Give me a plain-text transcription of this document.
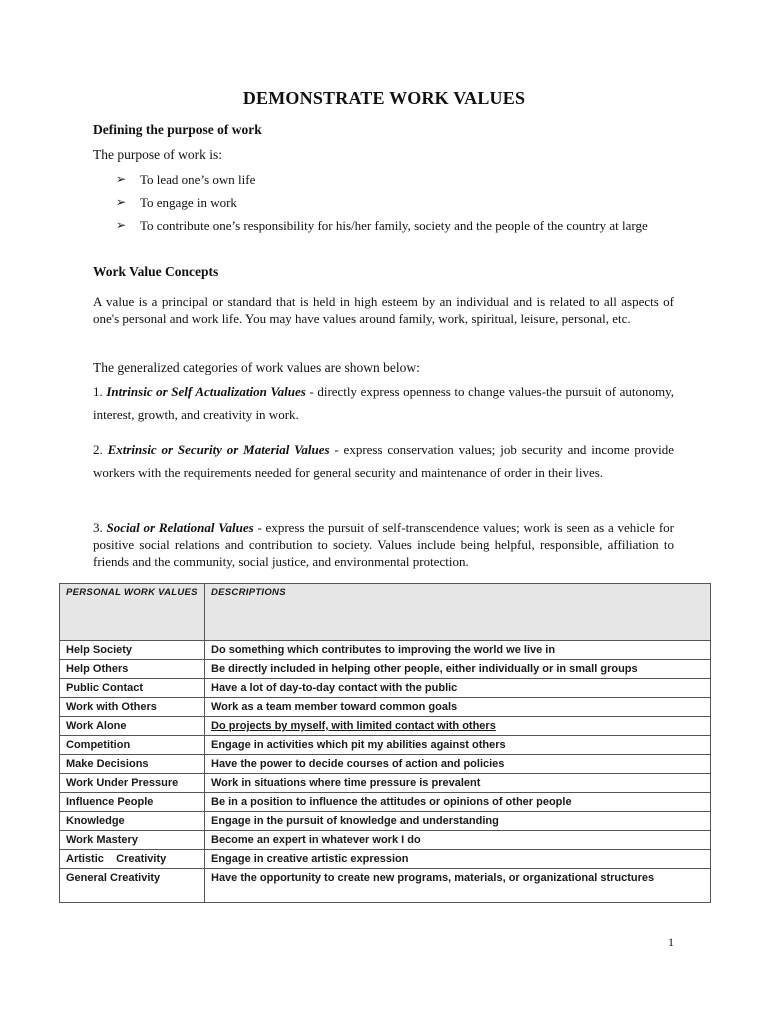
DEMONSTRATE WORK VALUES
Defining the purpose of work
The purpose of work is:
➢	To lead one’s own life
➢	To engage in work
➢	To contribute one’s responsibility for his/her family, society and the people of the country at large
Work Value Concepts
A value is a principal or standard that is held in high esteem by an individual and is related to all aspects of one's personal and work life. You may have values around family, work, spiritual, leisure, personal, etc.
The generalized categories of work values are shown below:
1. Intrinsic or Self Actualization Values - directly express openness to change values-the pursuit of autonomy, interest, growth, and creativity in work.
2. Extrinsic or Security or Material Values - express conservation values; job security and income provide workers with the requirements needed for general security and maintenance of order in their lives.
3. Social or Relational Values - express the pursuit of self-transcendence values; work is seen as a vehicle for positive social relations and contribution to society. Values include being helpful, responsible, affiliation to friends and the community, social justice, and environmental protection.
PERSONAL WORK VALUES	DESCRIPTIONS
Help Society	Do something which contributes to improving the world we live in
Help Others	Be directly included in helping other people, either individually or in small groups
Public Contact	Have a lot of day-to-day contact with the public
Work with Others	Work as a team member toward common goals
Work Alone	Do projects by myself, with limited contact with others
Competition	Engage in activities which pit my abilities against others
Make Decisions	Have the power to decide courses of action and policies
Work Under Pressure	Work in situations where time pressure is prevalent
Influence People	Be in a position to influence the attitudes or opinions of other people
Knowledge	Engage in the pursuit of knowledge and understanding
Work Mastery	Become an expert in whatever work I do
Artistic    Creativity	Engage in creative artistic expression
General Creativity	Have the opportunity to create new programs, materials, or organizational structures
1
